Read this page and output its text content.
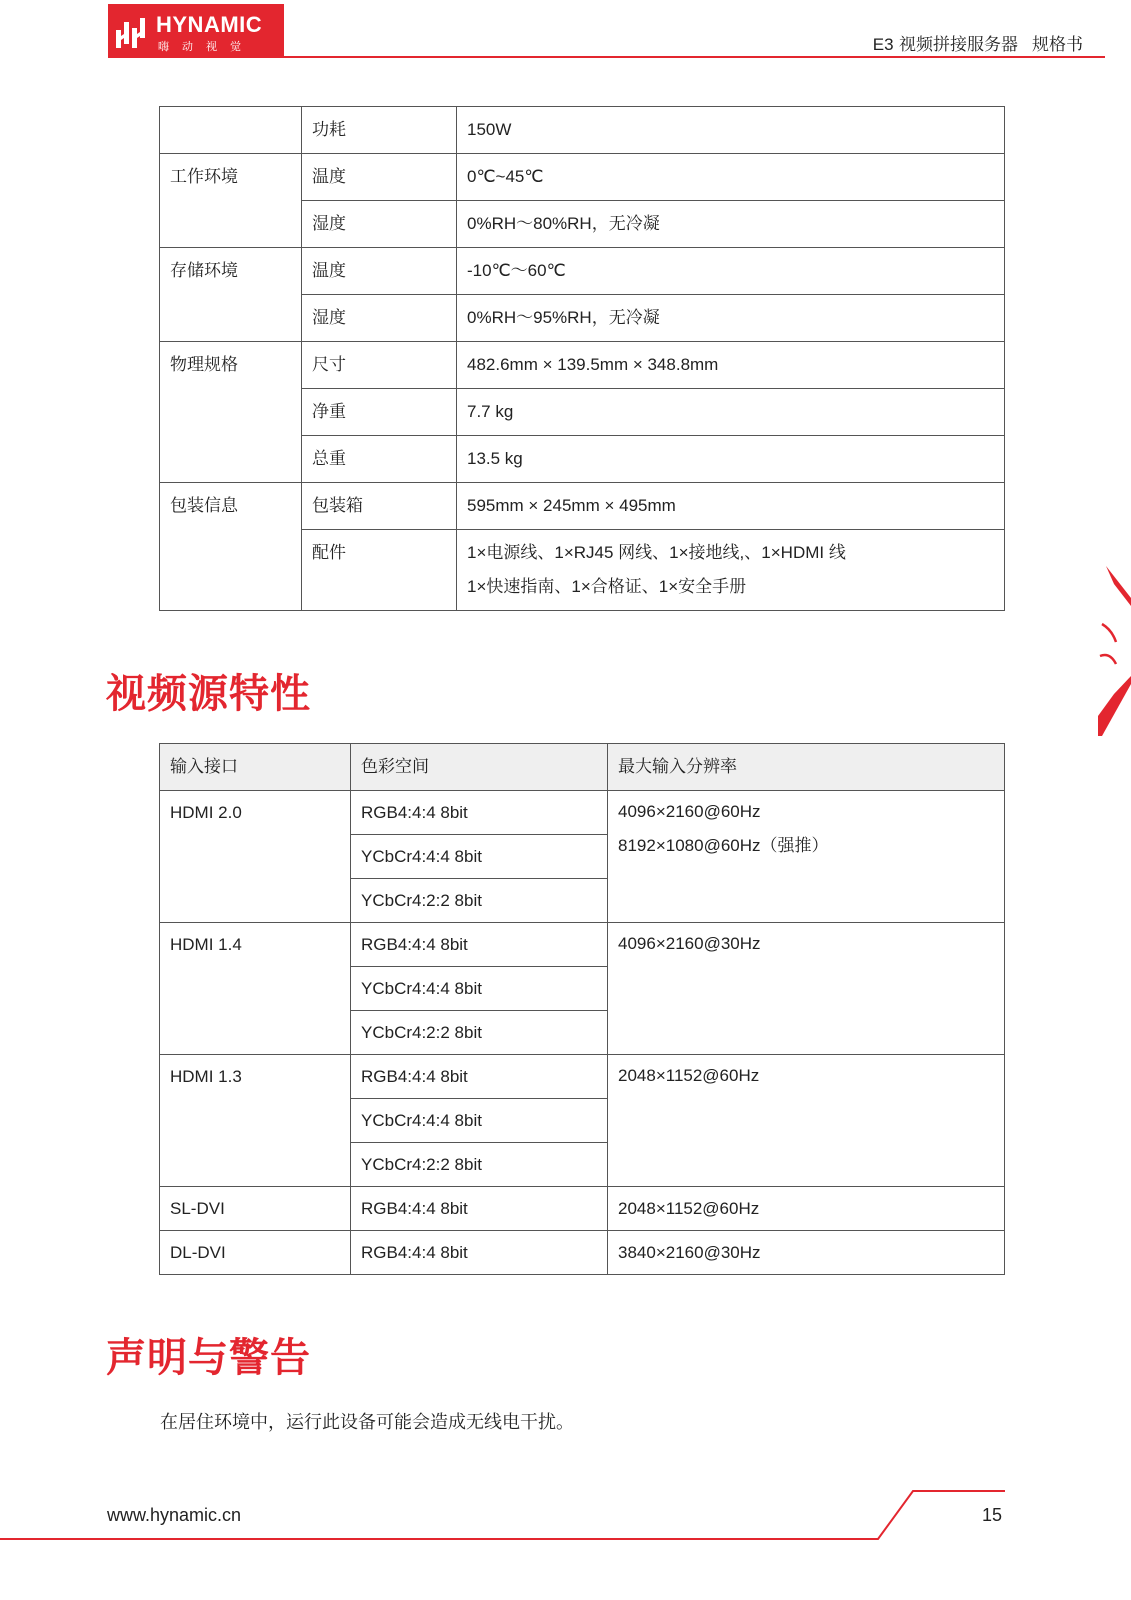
HYNAMIC
嗨动视觉	E3 视频拼接服务器 规格书
	功耗	150W
工作环境	温度	0℃~45℃
	湿度	0%RH～80%RH，无冷凝
存储环境	温度	-10℃～60℃
	湿度	0%RH～95%RH，无冷凝
物理规格	尺寸	482.6mm × 139.5mm × 348.8mm
	净重	7.7 kg
	总重	13.5 kg
包装信息	包装箱	595mm × 245mm × 495mm
	配件	1×电源线、1×RJ45 网线、1×接地线,、1×HDMI 线
1×快速指南、1×合格证、1×安全手册
视频源特性
输入接口	色彩空间	最大输入分辨率
HDMI 2.0	RGB4:4:4 8bit	4096×2160@60Hz
8192×1080@60Hz（强推）

	YCbCr4:4:4 8bit	
	YCbCr4:2:2 8bit	
HDMI 1.4	RGB4:4:4 8bit	4096×2160@30Hz

	YCbCr4:4:4 8bit	
	YCbCr4:2:2 8bit	
HDMI 1.3	RGB4:4:4 8bit	2048×1152@60Hz

	YCbCr4:4:4 8bit	
	YCbCr4:2:2 8bit	
SL-DVI	RGB4:4:4 8bit	2048×1152@60Hz
DL-DVI	RGB4:4:4 8bit	3840×2160@30Hz
声明与警告
在居住环境中，运行此设备可能会造成无线电干扰。
www.hynamic.cn	15
